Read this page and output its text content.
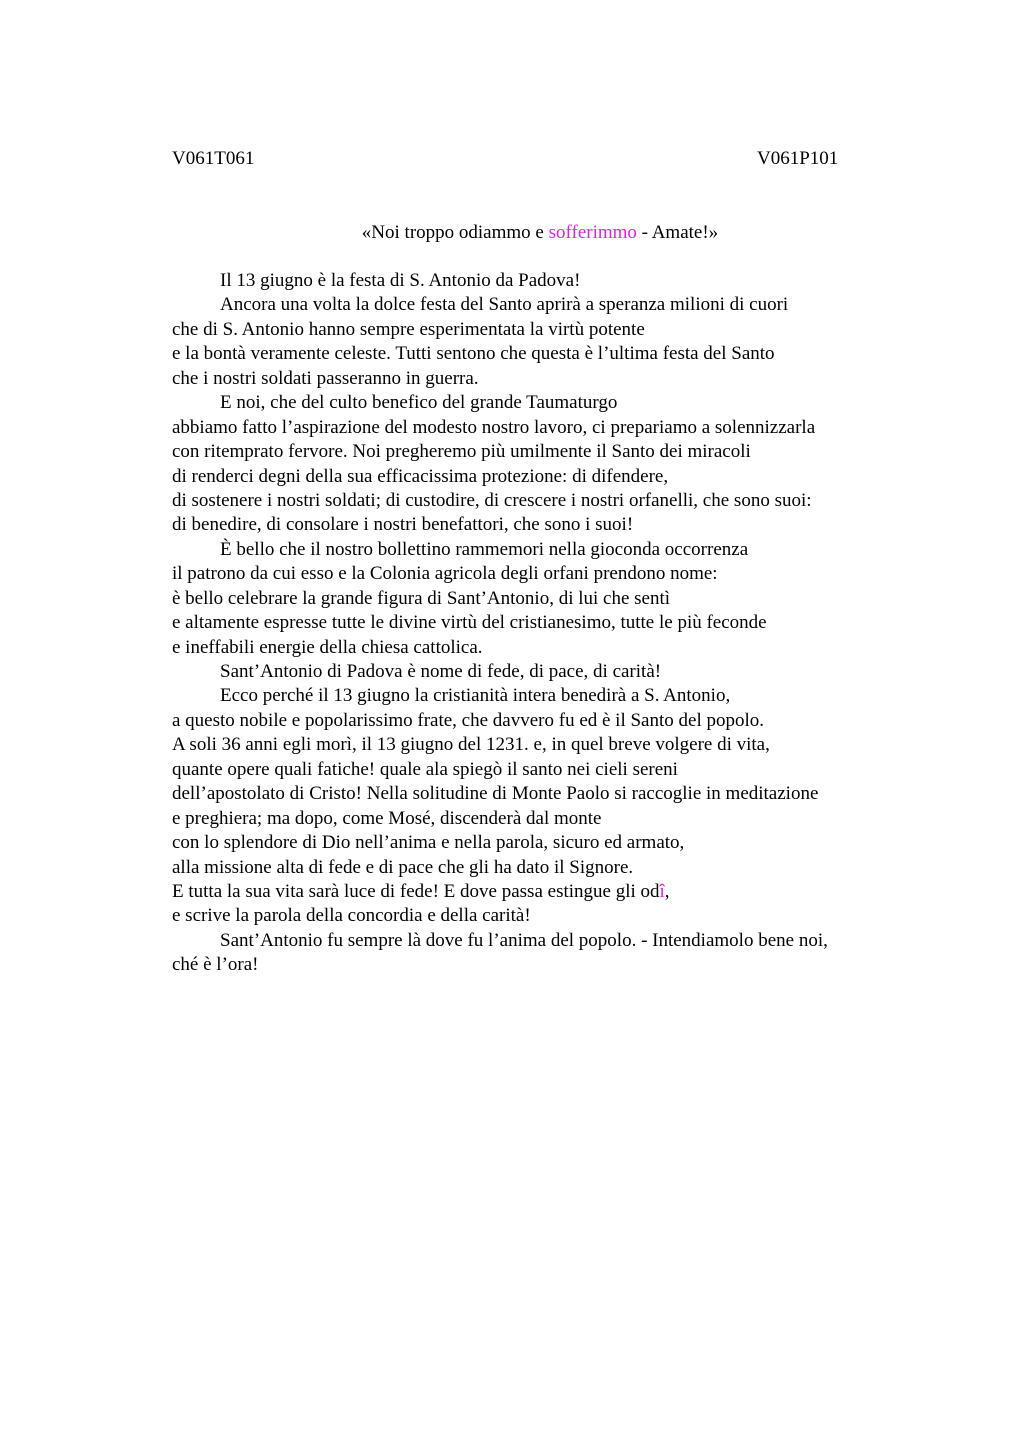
V061T061	V061P101
«Noi troppo odiammo e sofferimmo - Amate!»
Il 13 giugno è la festa di S. Antonio da Padova!
Ancora una volta la dolce festa del Santo aprirà a speranza milioni di cuori
che di S. Antonio hanno sempre esperimentata la virtù potente
e la bontà veramente celeste. Tutti sentono che questa è l’ultima festa del Santo
che i nostri soldati passeranno in guerra.
E noi, che del culto benefico del grande Taumaturgo
abbiamo fatto l’aspirazione del modesto nostro lavoro, ci prepariamo a solennizzarla
con ritemprato fervore. Noi pregheremo più umilmente il Santo dei miracoli
di renderci degni della sua efficacissima protezione: di difendere,
di sostenere i nostri soldati; di custodire, di crescere i nostri orfanelli, che sono suoi:
di benedire, di consolare i nostri benefattori, che sono i suoi!
È bello che il nostro bollettino rammemori nella gioconda occorrenza
il patrono da cui esso e la Colonia agricola degli orfani prendono nome:
è bello celebrare la grande figura di Sant’Antonio, di lui che sentì
e altamente espresse tutte le divine virtù del cristianesimo, tutte le più feconde
e ineffabili energie della chiesa cattolica.
Sant’Antonio di Padova è nome di fede, di pace, di carità!
Ecco perché il 13 giugno la cristianità intera benedirà a S. Antonio,
a questo nobile e popolarissimo frate, che davvero fu ed è il Santo del popolo.
A soli 36 anni egli morì, il 13 giugno del 1231. e, in quel breve volgere di vita,
quante opere quali fatiche! quale ala spiegò il santo nei cieli sereni
dell’apostolato di Cristo! Nella solitudine di Monte Paolo si raccoglie in meditazione
e preghiera; ma dopo, come Mosé, discenderà dal monte
con lo splendore di Dio nell’anima e nella parola, sicuro ed armato,
alla missione alta di fede e di pace che gli ha dato il Signore.
E tutta la sua vita sarà luce di fede! E dove passa estingue gli odî,
e scrive la parola della concordia e della carità!
Sant’Antonio fu sempre là dove fu l’anima del popolo. - Intendiamolo bene noi,
ché è l’ora!
